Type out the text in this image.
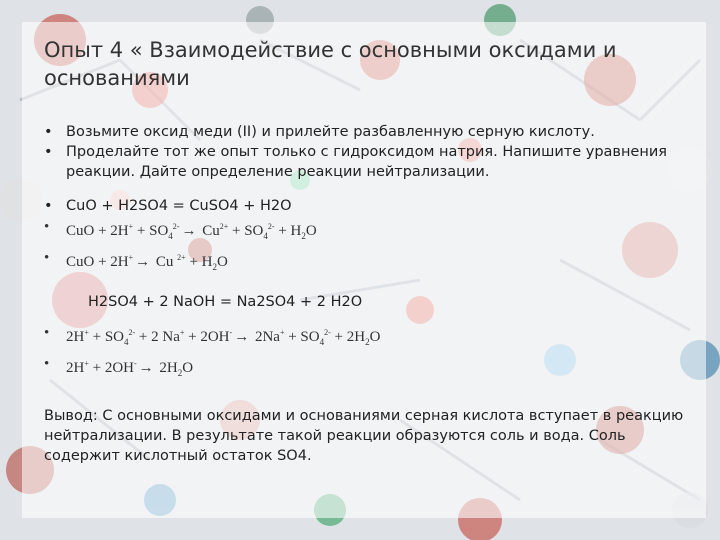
Опыт 4 « Взаимодействие с основными оксидами и основаниями
• Возьмите оксид меди (II) и прилейте разбавленную серную кислоту.
• Проделайте тот же опыт только с гидроксидом натрия. Напишите уравнения реакции. Дайте определение реакции нейтрализации.
• CuO + H2SO4 = CuSO4 + H2O
• CuO + $2H^+ + SO_4^{2-} \to Cu^{2+} + SO_4^{2-} + H_2O$
• CuO + 2H+ → Cu $^{2+} + H_2O$
H2SO4 + 2 NaOH = Na2SO4 + 2 H2O
• $2H^+ + SO_4^{2-} + 2$ $Na^+ + 2OH^- \to 2Na^+ + SO_4^{2-} + 2H_2O$
• $2H^+ + 2OH^- \to 2H_2O$
Вывод: С основными оксидами и основаниями серная кислота вступает в реакцию нейтрализации. В результате такой реакции образуются соль и вода. Соль содержит кислотный остаток SO4.
